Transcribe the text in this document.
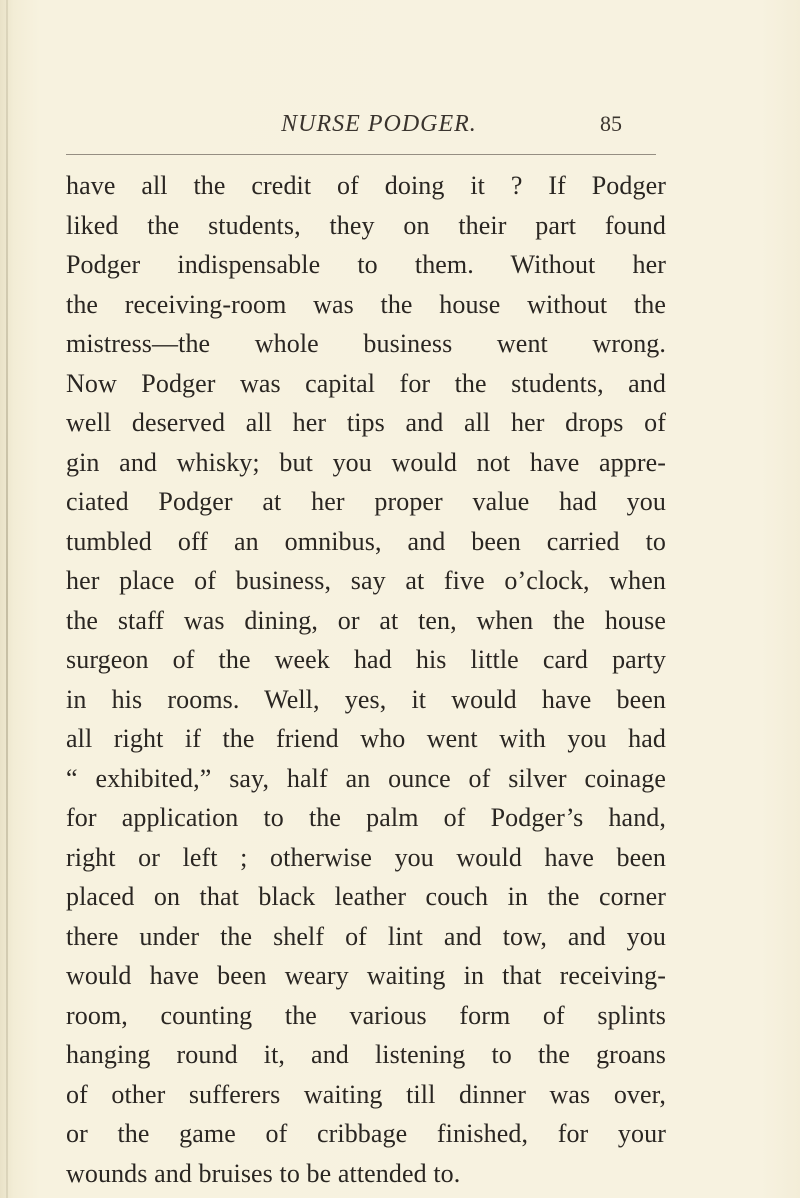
NURSE PODGER.	85
have all the credit of doing it ? If Podger
liked the students, they on their part found
Podger indispensable to them. Without her
the receiving-room was the house without the
mistress—the whole business went wrong.
Now Podger was capital for the students, and
well deserved all her tips and all her drops of
gin and whisky; but you would not have appre-
ciated Podger at her proper value had you
tumbled off an omnibus, and been carried to
her place of business, say at five o’clock, when
the staff was dining, or at ten, when the house
surgeon of the week had his little card party
in his rooms. Well, yes, it would have been
all right if the friend who went with you had
“ exhibited,” say, half an ounce of silver coinage
for application to the palm of Podger’s hand,
right or left ; otherwise you would have been
placed on that black leather couch in the corner
there under the shelf of lint and tow, and you
would have been weary waiting in that receiving-
room, counting the various form of splints
hanging round it, and listening to the groans
of other sufferers waiting till dinner was over,
or the game of cribbage finished, for your
wounds and bruises to be attended to.
